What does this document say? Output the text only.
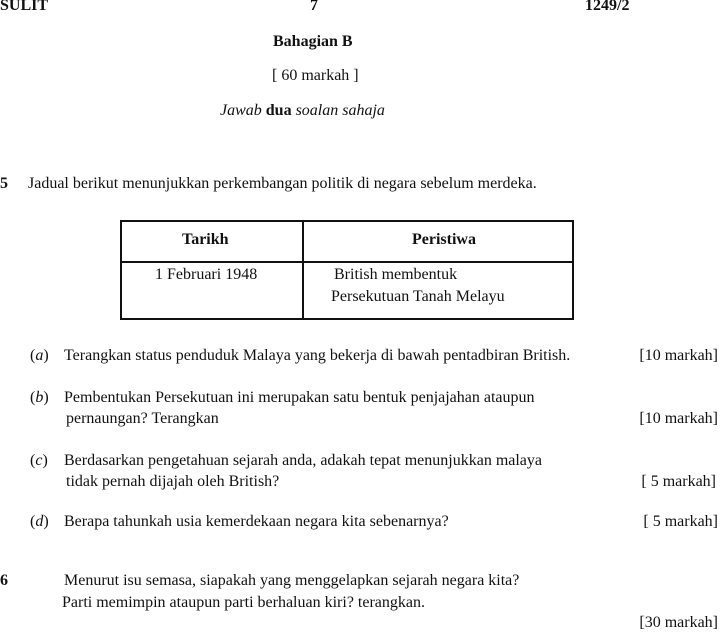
SULIT	7	1249/2
Bahagian B
[ 60 markah ]
Jawab dua soalan sahaja
5 Jadual berikut menunjukkan perkembangan politik di negara sebelum merdeka.
Tarikh	Peristiwa
1 Februari 1948	British membentuk
Persekutuan Tanah Melayu
(a) Terangkan status penduduk Malaya yang bekerja di bawah pentadbiran British.	[10 markah]
(b) Pembentukan Persekutuan ini merupakan satu bentuk penjajahan ataupun
pernaungan? Terangkan	[10 markah]
(c) Berdasarkan pengetahuan sejarah anda, adakah tepat menunjukkan malaya
tidak pernah dijajah oleh British?	[ 5 markah]
(d) Berapa tahunkah usia kemerdekaan negara kita sebenarnya?	[ 5 markah]
6	Menurut isu semasa, siapakah yang menggelapkan sejarah negara kita?
Parti memimpin ataupun parti berhaluan kiri? terangkan.
[30 markah]
